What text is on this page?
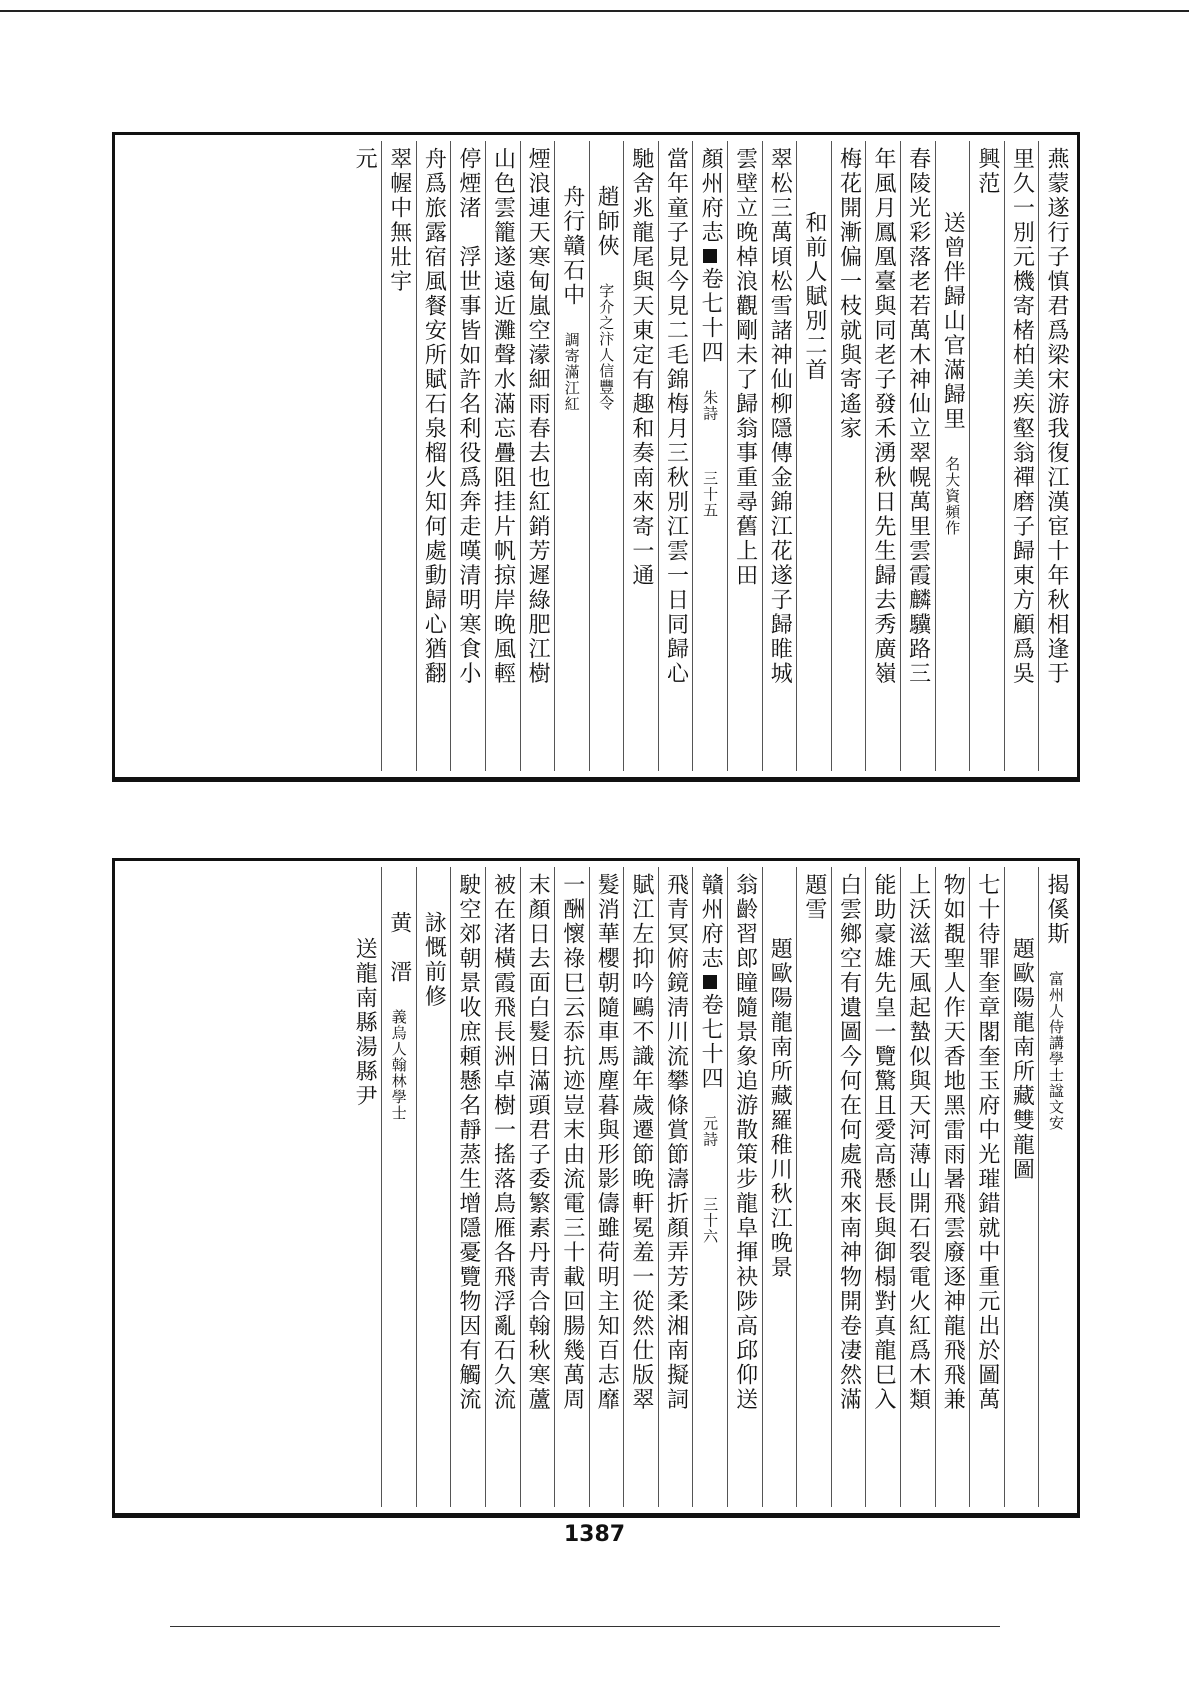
燕蒙遂行子慎君爲梁宋游我復江漢宦十年秋相逢于
里久一別元機寄楮柏美疾壑翁禪磨子歸東方顧爲吳
興范
送曾伴歸山官滿歸里　名大資頻作
春陵光彩落老若萬木神仙立翠幌萬里雲霞麟驥路三
年風月鳳凰臺與同老子發禾湧秋日先生歸去秀廣嶺
梅花開漸偏一枝就與寄遙家
和前人賦別二首
翠松三萬頃松雪諸神仙柳隱傳金錦江花遂子歸睢城
雲壁立晚棹浪觀剛未了歸翁事重尋舊上田
顏州府志卷七十四　朱詩　　三十五
當年童子見今見二毛錦梅月三秋別江雲一日同歸心
馳舍兆龍尾與天東定有趣和奏南來寄一通
趙師俠　字介之汴人信豐令
舟行贛石中　調寄滿江紅
煙浪連天寒甸嵐空濛細雨春去也紅銷芳遲綠肥江樹
山色雲籠遂遠近灘聲水滿忘疊阻挂片帆掠岸晚風輕
停煙渚　浮世事皆如許名利役爲奔走嘆清明寒食小
舟爲旅露宿風餐安所賦石泉榴火知何處動歸心猶翻
翠幄中無壯宇
元
揭傒斯　富州人侍講學士諡文安
題歐陽龍南所藏雙龍圖
七十待罪奎章閣奎玉府中光璀錯就中重元出於圖萬
物如覩聖人作天香地黑雷雨暑飛雲廢逐神龍飛飛兼
上沃滋天風起蟄似與天河薄山開石裂電火紅爲木類
能助豪雄先皇一覽驚且愛高懸長與御榻對真龍巳入
白雲鄉空有遺圖今何在何處飛來南神物開卷凄然滿
題雪
題歐陽龍南所藏羅稚川秋江晚景
翁齡習郎瞳隨景象追游散策步龍阜揮袂陟高邱仰送
贛州府志卷七十四　元詩　　三十六
飛青冥俯鏡淸川流攀條賞節濤折顏弄芳柔湘南擬詞
賦江左抑吟鷗不識年歲遷節晚軒冕羞一從然仕版翠
髮消華櫻朝隨車馬塵暮與形影儔雖荷明主知百志靡
一酬懷祿巳云忝抗迹豈末由流電三十載回腸幾萬周
末顏日去面白髮日滿頭君子委繁素丹靑合翰秋寒蘆
被在渚橫霞飛長洲卓樹一搖落鳥雁各飛浮亂石久流
駛空郊朝景收庶頼懸名靜蒸生增隱憂覽物因有觸流
詠慨前修
黄　溍　義烏人翰林學士
送龍南縣湯縣尹
1387
